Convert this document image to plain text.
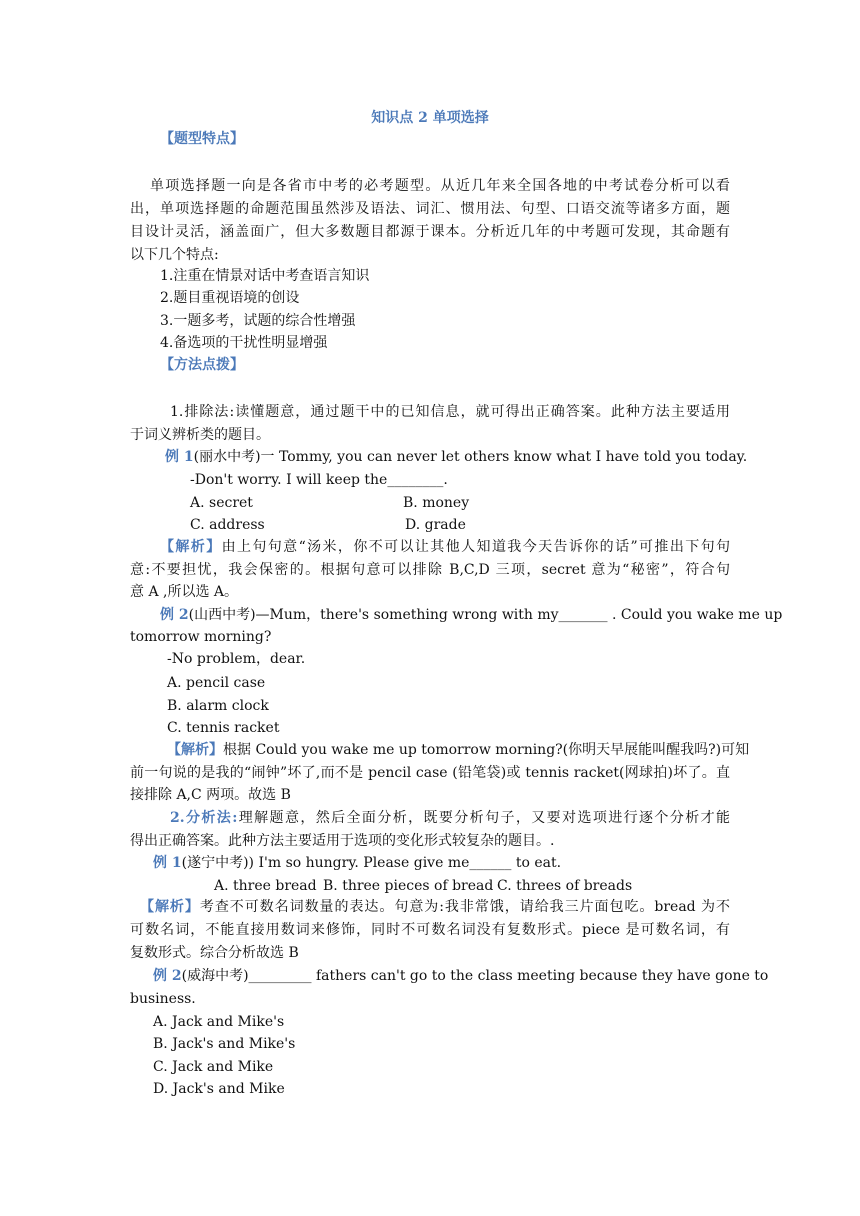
知识点 2 单项选择
【题型特点】
单项选择题一向是各省市中考的必考题型。从近几年来全国各地的中考试卷分析可以看
出，单项选择题的命题范围虽然涉及语法、词汇、惯用法、句型、口语交流等诸多方面，题
目设计灵活，涵盖面广，但大多数题目都源于课本。分析近几年的中考题可发现，其命题有
以下几个特点:
1.注重在情景对话中考查语言知识
2.题目重视语境的创设
3.一题多考，试题的综合性增强
4.备选项的干扰性明显增强
【方法点拨】
1.排除法:读懂题意，通过题干中的已知信息，就可得出正确答案。此种方法主要适用
于词义辨析类的题目。
例 1(丽水中考)一 Tommy, you can never let others know what I have told you today.
-Don't worry. I will keep the________.
A. secret	B. money
C. address	D. grade
【解析】由上句句意“汤米，你不可以让其他人知道我今天告诉你的话”可推出下句句
意:不要担忧，我会保密的。根据句意可以排除 B,C,D 三项，secret 意为“秘密”，符合句
意 A ,所以选 A。
例 2(山西中考)—Mum，there's something wrong with my_______ . Could you wake me up
tomorrow morning?
-No problem，dear.
A. pencil case
B. alarm clock
C. tennis racket
【解析】根据 Could you wake me up tomorrow morning?(你明天早展能叫醒我吗?)可知
前一句说的是我的“闹钟”坏了,而不是 pencil case (铅笔袋)或 tennis racket(网球拍)坏了。直
接排除 A,C 两项。故选 B
2.分析法:理解题意，然后全面分析，既要分析句子，又要对选项进行逐个分析才能
得出正确答案。此种方法主要适用于选项的变化形式较复杂的题目。.
例 1(遂宁中考)) I'm so hungry. Please give me______ to eat.
A. three bread B. three pieces of bread C. threes of breads
【解析】考查不可数名词数量的表达。句意为:我非常饿，请给我三片面包吃。bread 为不
可数名词，不能直接用数词来修饰，同时不可数名词没有复数形式。piece 是可数名词，有
复数形式。综合分析故选 B
例 2(威海中考)_________ fathers can't go to the class meeting because they have gone to
business.
A. Jack and Mike's
B. Jack's and Mike's
C. Jack and Mike
D. Jack's and Mike
